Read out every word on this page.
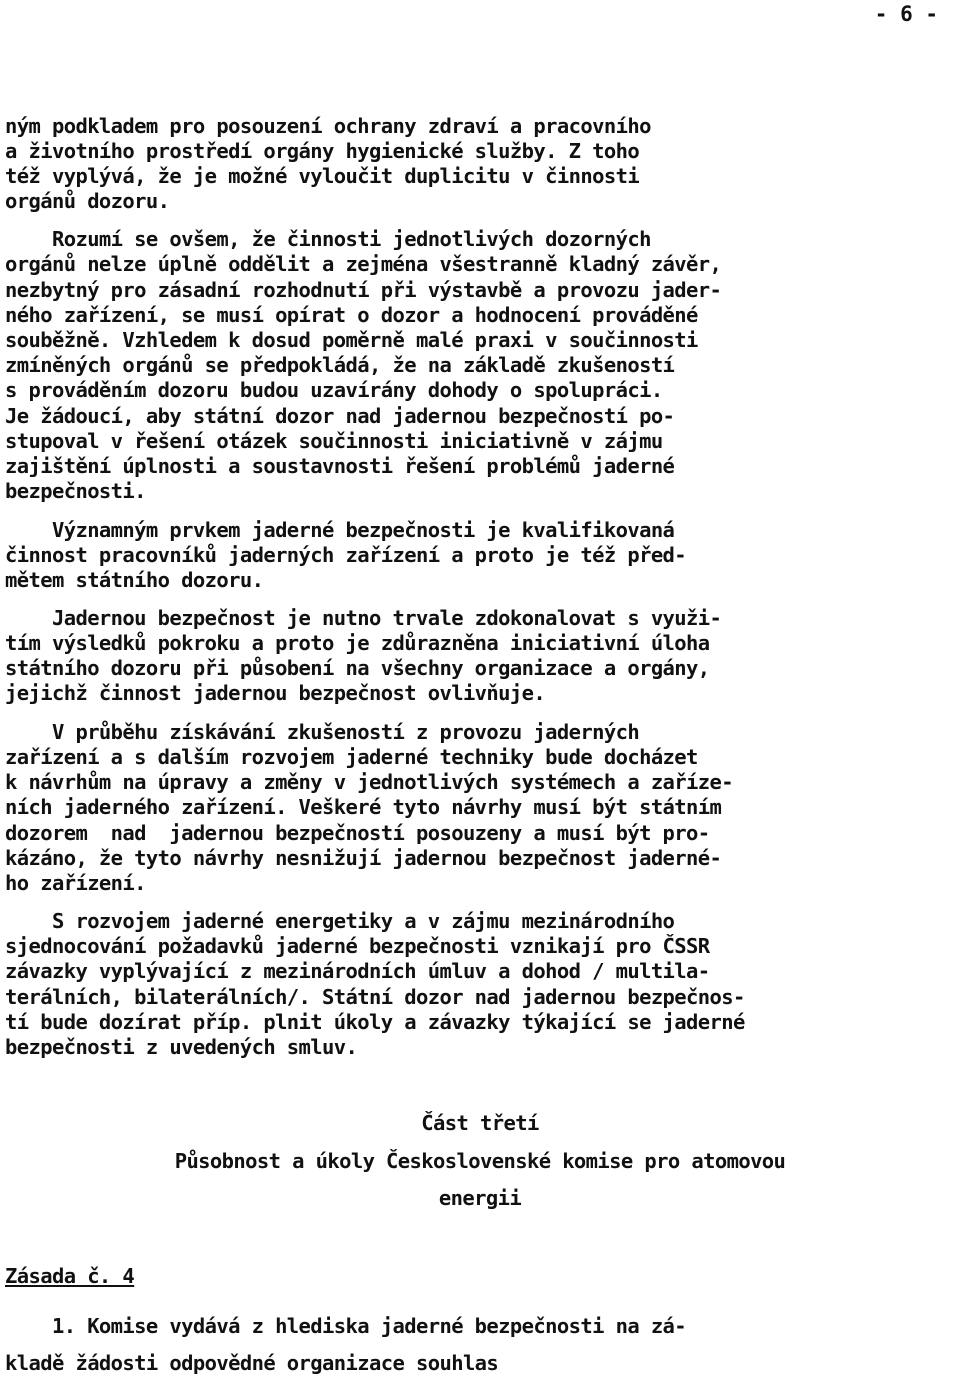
- 6 -

ným podkladem pro posouzení ochrany zdraví a pracovního
a životního prostředí orgány hygienické služby. Z toho
též vyplývá, že je možné vyloučit duplicitu v činnosti
orgánů dozoru.
Rozumí se ovšem, že činnosti jednotlivých dozorných
orgánů nelze úplně oddělit a zejména všestranně kladný závěr,
nezbytný pro zásadní rozhodnutí při výstavbě a provozu jader-
ného zařízení, se musí opírat o dozor a hodnocení prováděné
souběžně. Vzhledem k dosud poměrně malé praxi v součinnosti
zmíněných orgánů se předpokládá, že na základě zkušeností
s prováděním dozoru budou uzavírány dohody o spolupráci.
Je žádoucí, aby státní dozor nad jadernou bezpečností po-
stupoval v řešení otázek součinnosti iniciativně v zájmu
zajištění úplnosti a soustavnosti řešení problémů jaderné
bezpečnosti.
Významným prvkem jaderné bezpečnosti je kvalifikovaná
činnost pracovníků jaderných zařízení a proto je též před-
mětem státního dozoru.
Jadernou bezpečnost je nutno trvale zdokonalovat s využi-
tím výsledků pokroku a proto je zdůrazněna iniciativní úloha
státního dozoru při působení na všechny organizace a orgány,
jejichž činnost jadernou bezpečnost ovlivňuje.
V průběhu získávání zkušeností z provozu jaderných
zařízení a s dalším rozvojem jaderné techniky bude docházet
k návrhům na úpravy a změny v jednotlivých systémech a zaříze-
ních jaderného zařízení. Veškeré tyto návrhy musí být státním
dozorem  nad  jadernou bezpečností posouzeny a musí být pro-
kázáno, že tyto návrhy nesnižují jadernou bezpečnost jaderné-
ho zařízení.
S rozvojem jaderné energetiky a v zájmu mezinárodního
sjednocování požadavků jaderné bezpečnosti vznikají pro ČSSR
závazky vyplývající z mezinárodních úmluv a dohod / multila-
terálních, bilaterálních/. Státní dozor nad jadernou bezpečnos-
tí bude dozírat příp. plnit úkoly a závazky týkající se jaderné
bezpečnosti z uvedených smluv.
Část třetí
Působnost a úkoly Československé komise pro atomovou
energii
Zásada č. 4
1. Komise vydává z hlediska jaderné bezpečnosti na zá-
kladě žádosti odpovědné organizace souhlas
